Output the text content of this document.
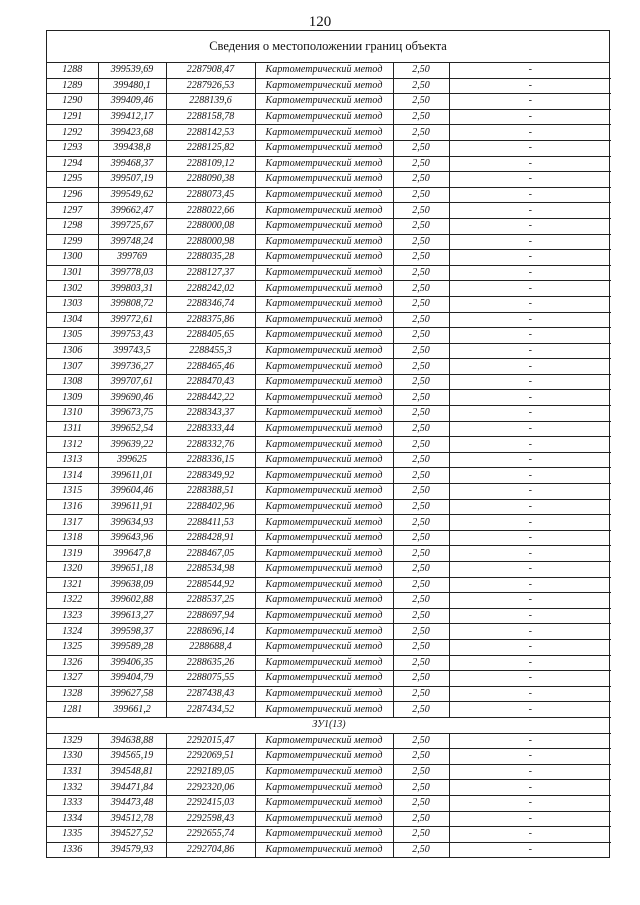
120
Сведения о местоположении границ объекта
1288	399539,69	2287908,47	Картометрический метод	2,50	-
1289	399480,1	2287926,53	Картометрический метод	2,50	-
1290	399409,46	2288139,6	Картометрический метод	2,50	-
1291	399412,17	2288158,78	Картометрический метод	2,50	-
1292	399423,68	2288142,53	Картометрический метод	2,50	-
1293	399438,8	2288125,82	Картометрический метод	2,50	-
1294	399468,37	2288109,12	Картометрический метод	2,50	-
1295	399507,19	2288090,38	Картометрический метод	2,50	-
1296	399549,62	2288073,45	Картометрический метод	2,50	-
1297	399662,47	2288022,66	Картометрический метод	2,50	-
1298	399725,67	2288000,08	Картометрический метод	2,50	-
1299	399748,24	2288000,98	Картометрический метод	2,50	-
1300	399769	2288035,28	Картометрический метод	2,50	-
1301	399778,03	2288127,37	Картометрический метод	2,50	-
1302	399803,31	2288242,02	Картометрический метод	2,50	-
1303	399808,72	2288346,74	Картометрический метод	2,50	-
1304	399772,61	2288375,86	Картометрический метод	2,50	-
1305	399753,43	2288405,65	Картометрический метод	2,50	-
1306	399743,5	2288455,3	Картометрический метод	2,50	-
1307	399736,27	2288465,46	Картометрический метод	2,50	-
1308	399707,61	2288470,43	Картометрический метод	2,50	-
1309	399690,46	2288442,22	Картометрический метод	2,50	-
1310	399673,75	2288343,37	Картометрический метод	2,50	-
1311	399652,54	2288333,44	Картометрический метод	2,50	-
1312	399639,22	2288332,76	Картометрический метод	2,50	-
1313	399625	2288336,15	Картометрический метод	2,50	-
1314	399611,01	2288349,92	Картометрический метод	2,50	-
1315	399604,46	2288388,51	Картометрический метод	2,50	-
1316	399611,91	2288402,96	Картометрический метод	2,50	-
1317	399634,93	2288411,53	Картометрический метод	2,50	-
1318	399643,96	2288428,91	Картометрический метод	2,50	-
1319	399647,8	2288467,05	Картометрический метод	2,50	-
1320	399651,18	2288534,98	Картометрический метод	2,50	-
1321	399638,09	2288544,92	Картометрический метод	2,50	-
1322	399602,88	2288537,25	Картометрический метод	2,50	-
1323	399613,27	2288697,94	Картометрический метод	2,50	-
1324	399598,37	2288696,14	Картометрический метод	2,50	-
1325	399589,28	2288688,4	Картометрический метод	2,50	-
1326	399406,35	2288635,26	Картометрический метод	2,50	-
1327	399404,79	2288075,55	Картометрический метод	2,50	-
1328	399627,58	2287438,43	Картометрический метод	2,50	-
1281	399661,2	2287434,52	Картометрический метод	2,50	-
ЗУ1(13)					
1329	394638,88	2292015,47	Картометрический метод	2,50	-
1330	394565,19	2292069,51	Картометрический метод	2,50	-
1331	394548,81	2292189,05	Картометрический метод	2,50	-
1332	394471,84	2292320,06	Картометрический метод	2,50	-
1333	394473,48	2292415,03	Картометрический метод	2,50	-
1334	394512,78	2292598,43	Картометрический метод	2,50	-
1335	394527,52	2292655,74	Картометрический метод	2,50	-
1336	394579,93	2292704,86	Картометрический метод	2,50	-
